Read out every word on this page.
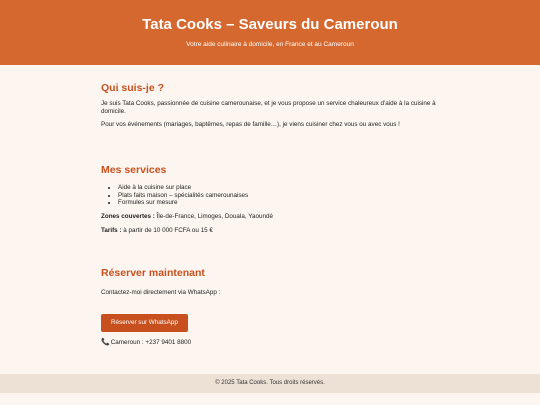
Tata Cooks – Saveurs du Cameroun

Votre aide culinaire à domicile, en France et au Cameroun

Qui suis-je ?

Je suis Tata Cooks, passionnée de cuisine camerounaise, et je vous propose un service chaleureux d'aide à la cuisine à domicile.

Pour vos événements (mariages, baptêmes, repas de famille…), je viens cuisiner chez vous ou avec vous !

Mes services
• Aide à la cuisine sur place
• Plats faits maison – spécialités camerounaises
• Formules sur mesure

Zones couvertes : Île-de-France, Limoges, Douala, Yaoundé

Tarifs : à partir de 10 000 FCFA ou 15 €

Réserver maintenant

Contactez-moi directement via WhatsApp :

Réserver sur WhatsApp

📞 Cameroun : +237 9401 8800

© 2025 Tata Cooks. Tous droits réservés.
